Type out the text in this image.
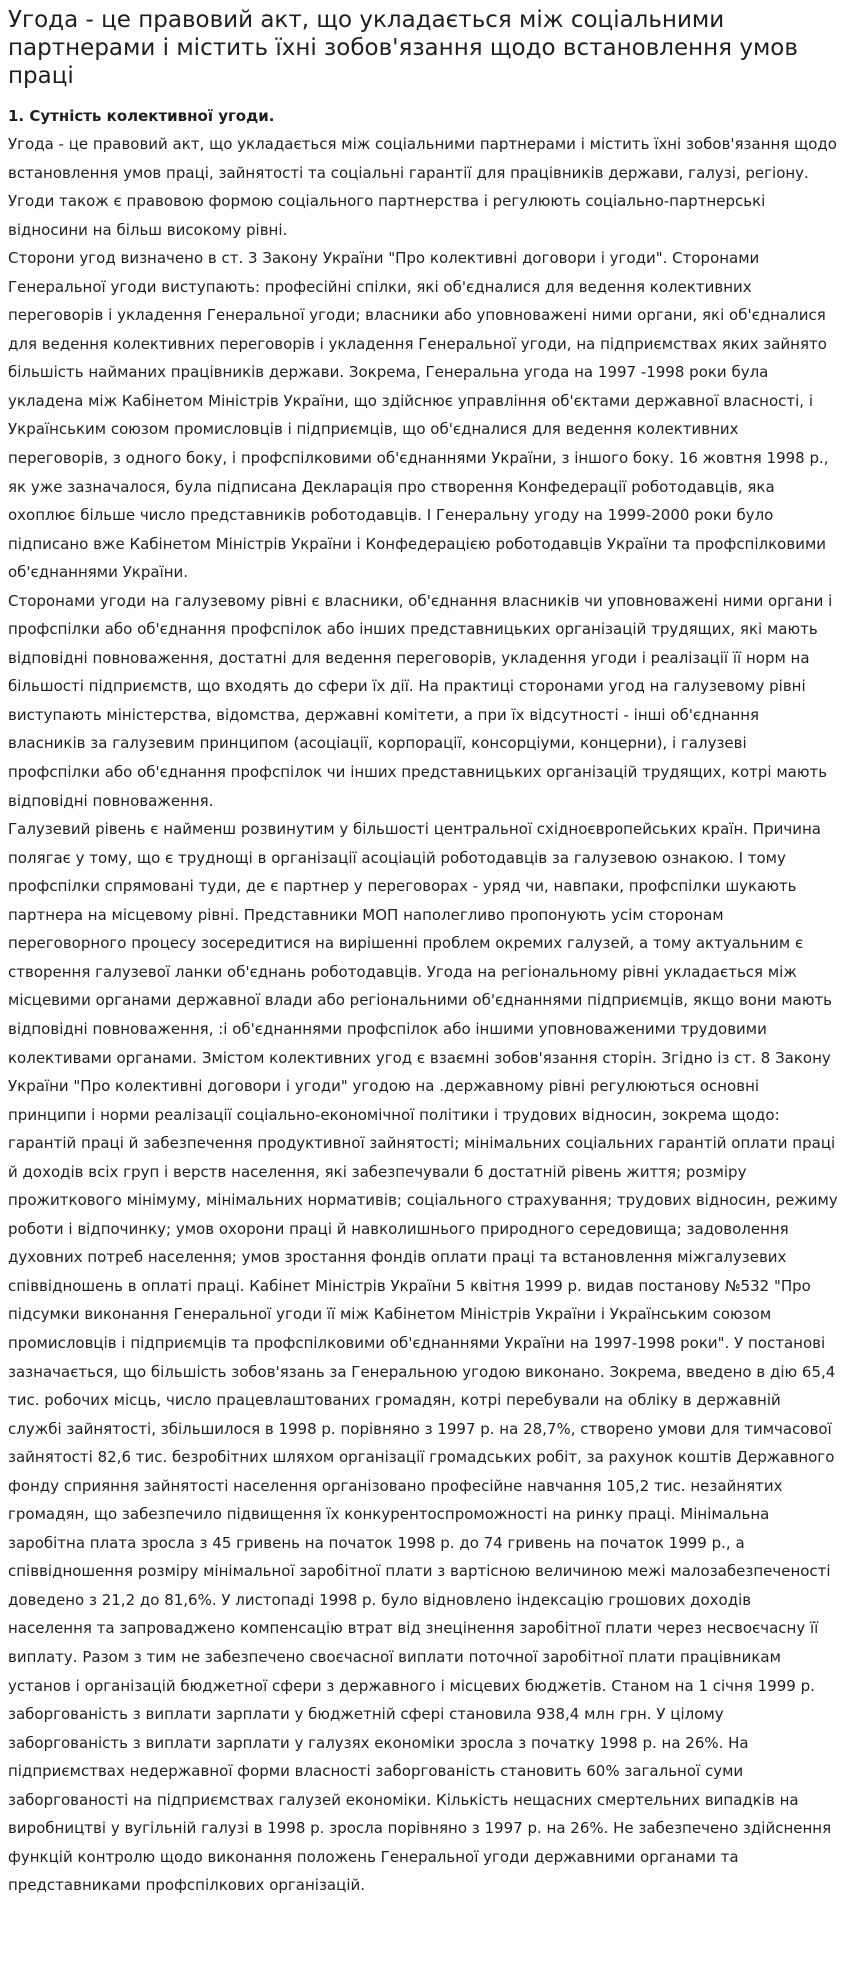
Угода - це правовий акт, що укладається між соціальними партнерами і містить їхні зобов'язання щодо встановлення умов праці
1. Сутність колективної угоди.

Угода - це правовий акт, що укладається між соціальними партнерами і містить їхні зобов'язання щодо встановлення умов праці, зайнятості та соціальні гарантії для працівників держави, галузі, регіону. Угоди також є правовою формою соціального партнерства і регулюють соціально-партнерські відносини на більш високому рівні.

Сторони угод визначено в ст. 3 Закону України "Про колективні договори і угоди". Сторонами Генеральної угоди виступають: професійні спілки, які об'єдналися для ведення колективних переговорів і укладення Генеральної угоди; власники або уповноважені ними органи, які об'єдналися для ведення колективних переговорів і укладення Генеральної угоди, на підприємствах яких зайнято більшість найманих працівників держави. Зокрема, Генеральна угода на 1997 -1998 роки була укладена між Кабінетом Міністрів України, що здійснює управління об'єктами державної власності, і Українським союзом промисловців і підприємців, що об'єдналися для ведення колективних переговорів, з одного боку, і профспілковими об'єднаннями України, з іншого боку. 16 жовтня 1998 р., як уже зазначалося, була підписана Декларація про створення Конфедерації роботодавців, яка охоплює більше число представників роботодавців. І Генеральну угоду на 1999-2000 роки було підписано вже Кабінетом Міністрів України і Конфедерацією роботодавців України та профспілковими об'єднаннями України.

Сторонами угоди на галузевому рівні є власники, об'єднання власників чи уповноважені ними органи і профспілки або об'єднання профспілок або інших представницьких організацій трудящих, які мають відповідні повноваження, достатні для ведення переговорів, укладення угоди і реалізації її норм на більшості підприємств, що входять до сфери їх дії. На практиці сторонами угод на галузевому рівні виступають міністерства, відомства, державні комітети, а при їх відсутності - інші об'єднання власників за галузевим принципом (асоціації, корпорації, консорціуми, концерни), і галузеві профспілки або об'єднання профспілок чи інших представницьких організацій трудящих, котрі мають відповідні повноваження.

Галузевий рівень є найменш розвинутим у більшості центральної східноєвропейських країн. Причина полягає у тому, що є труднощі в організації асоціацій роботодавців за галузевою ознакою. І тому профспілки спрямовані туди, де є партнер у переговорах - уряд чи, навпаки, профспілки шукають партнера на місцевому рівні. Представники МОП наполегливо пропонують усім сторонам переговорного процесу зосередитися на вирішенні проблем окремих галузей, а тому актуальним є створення галузевої ланки об'єднань роботодавців. Угода на регіональному рівні укладається між місцевими органами державної влади або регіональними об'єднаннями підприємців, якщо вони мають відповідні повноваження, :і об'єднаннями профспілок або іншими уповноваженими трудовими колективами органами. Змістом колективних угод є взаємні зобов'язання сторін. Згідно із ст. 8 Закону України "Про колективні договори і угоди" угодою на .державному рівні регулюються основні принципи і норми реалізації соціально-економічної політики і трудових відносин, зокрема щодо: гарантій праці й забезпечення продуктивної зайнятості; мінімальних соціальних гарантій оплати праці й доходів всіх груп і верств населення, які забезпечували б достатній рівень життя; розміру прожиткового мінімуму, мінімальних нормативів; соціального страхування; трудових відносин, режиму роботи і відпочинку; умов охорони праці й навколишнього природного середовища; задоволення духовних потреб населення; умов зростання фондів оплати праці та встановлення міжгалузевих співвідношень в оплаті праці. Кабінет Міністрів України 5 квітня 1999 р. видав постанову №532 "Про підсумки виконання Генеральної угоди її між Кабінетом Міністрів України і Українським союзом промисловців і підприємців та профспілковими об'єднаннями України на 1997-1998 роки". У постанові зазначається, що більшість зобов'язань за Генеральною угодою виконано. Зокрема, введено в дію 65,4 тис. робочих місць, число працевлаштованих громадян, котрі перебували на обліку в державній службі зайнятості, збільшилося в 1998 р. порівняно з 1997 р. на 28,7%, створено умови для тимчасової зайнятості 82,6 тис. безробітних шляхом організації громадських робіт, за рахунок коштів Державного фонду сприяння зайнятості населення організовано професійне навчання 105,2 тис. незайнятих громадян, що забезпечило підвищення їх конкурентоспроможності на ринку праці. Мінімальна заробітна плата зросла з 45 гривень на початок 1998 р. до 74 гривень на початок 1999 р., а співвідношення розміру мінімальної заробітної плати з вартісною величиною межі малозабезпеченості доведено з 21,2 до 81,6%. У листопаді 1998 р. було відновлено індексацію грошових доходів населення та запроваджено компенсацію втрат від знецінення заробітної плати через несвоєчасну її виплату. Разом з тим не забезпечено своєчасної виплати поточної заробітної плати працівникам установ і організацій бюджетної сфери з державного і місцевих бюджетів. Станом на 1 січня 1999 р. заборгованість з виплати зарплати у бюджетній сфері становила 938,4 млн грн. У цілому заборгованість з виплати зарплати у галузях економіки зросла з початку 1998 р. на 26%. На підприємствах недержавної форми власності заборгованість становить 60% загальної суми заборгованості на підприємствах галузей економіки. Кількість нещасних смертельних випадків на виробництві у вугільній галузі в 1998 р. зросла порівняно з 1997 р. на 26%. Не забезпечено здійснення функцій контролю щодо виконання положень Генеральної угоди державними органами та представниками профспілкових організацій.
